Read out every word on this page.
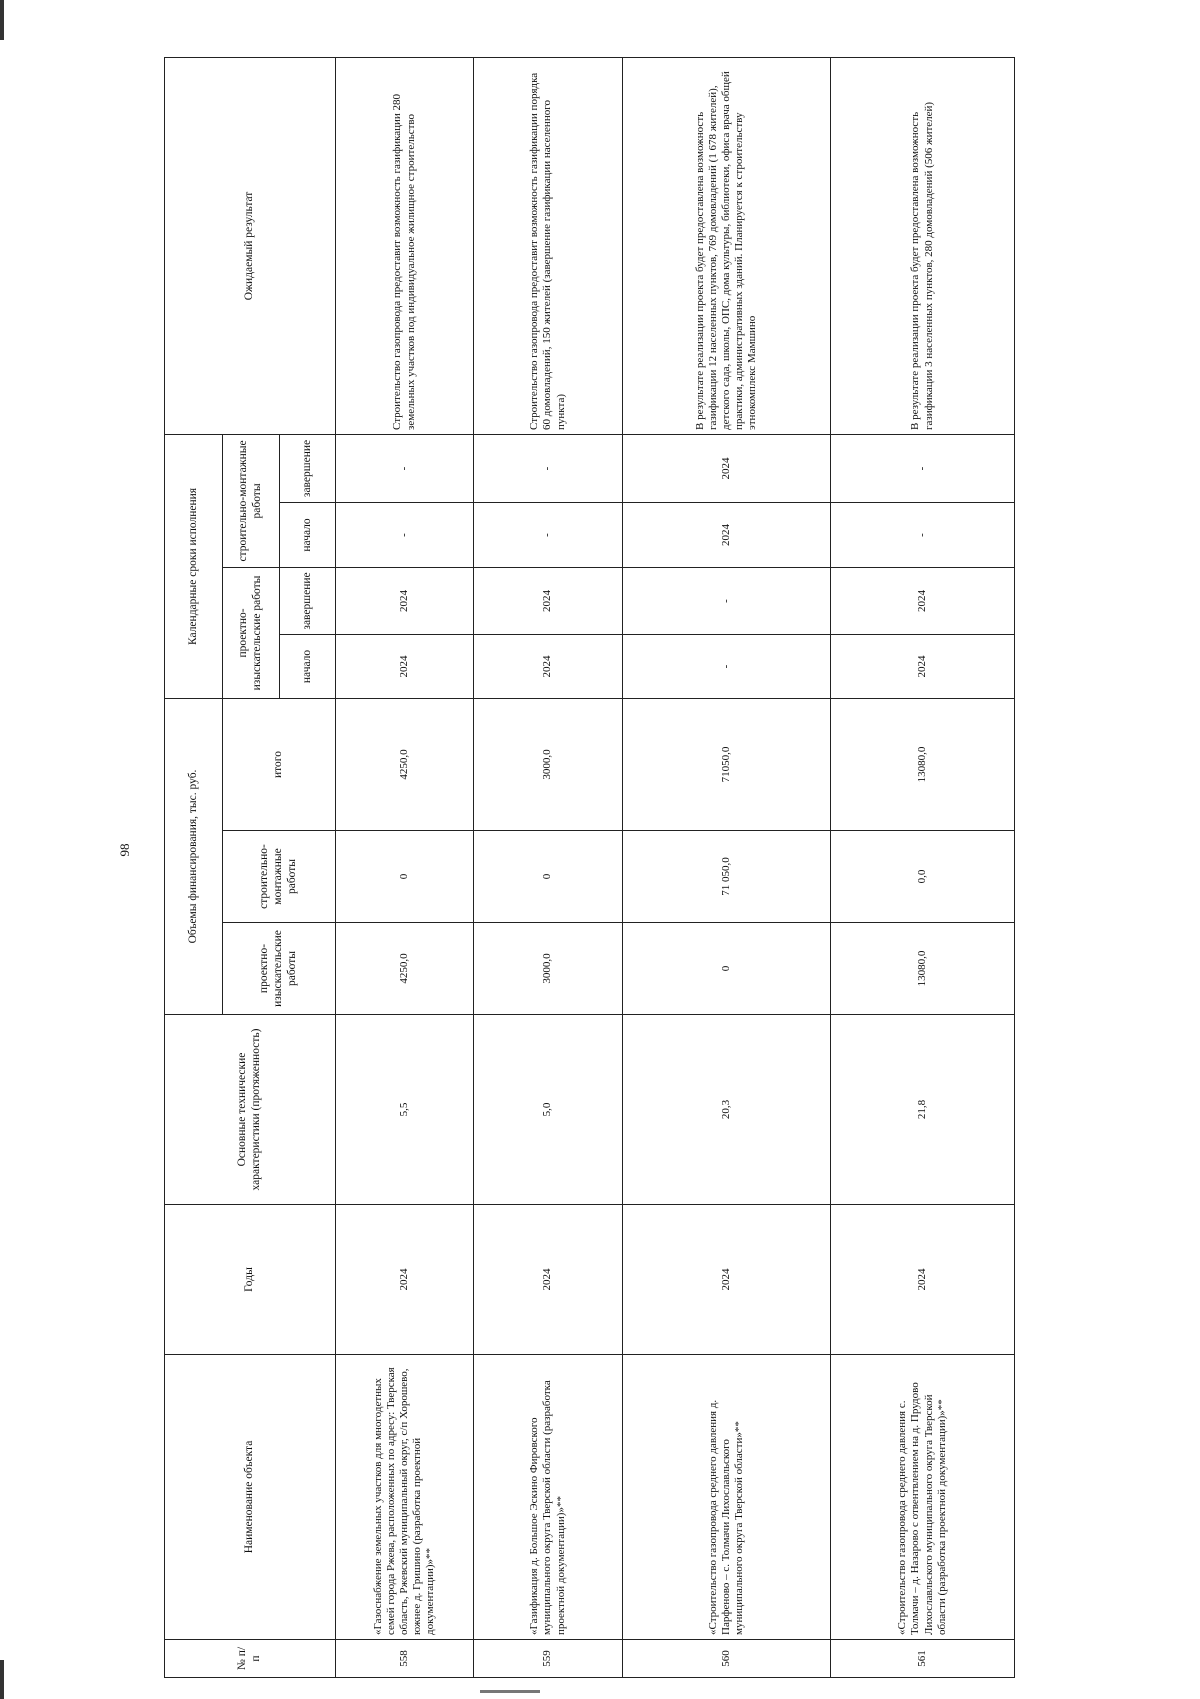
98
№ п/п	Наименование объекта	Годы	Основные технические характеристики (протяженность)	Объемы финансирования, тыс. руб.			Календарные сроки исполнения				Ожидаемый результат
				проектно-изыскательские работы	строительно-монтажные работы	итого	проектно-изыскательские работы		строительно-монтажные работы		
							начало	завершение	начало	завершение	
558	«Газоснабжение земельных участков для многодетных семей города Ржева, расположенных по адресу: Тверская область, Ржевский муниципальный округ, с/п Хорошево, южнее д. Гришино (разработка проектной документации)»**	2024	5,5	4250,0	0	4250,0	2024	2024	-	-	Строительство газопровода предоставит возможность газификации 280 земельных участков под индивидуальное жилищное строительство
559	«Газификация д. Большое Эскино Фировского муниципального округа Тверской области (разработка проектной документации)»**	2024	5,0	3000,0	0	3000,0	2024	2024	-	-	Строительство газопровода предоставит возможность газификации порядка 60 домовладений, 150 жителей (завершение газификации населенного пункта)
560	«Строительство газопровода среднего давления д. Парфеново – с. Толмачи Лихославльского муниципального округа Тверской области»**	2024	20,3	0	71 050,0	71050,0	-	-	2024	2024	В результате реализации проекта будет предоставлена возможность газификации 12 населенных пунктов, 769 домовладений (1 678 жителей), детского сада, школы, ОПС, дома культуры, библиотеки, офиса врача общей практики, административных зданий. Планируется к строительству этнокомплекс Мамшино
561	«Строительство газопровода среднего давления с. Толмачи – д. Назарово с отвентвлением на д. Прудово Лихославльского муниципального округа Тверской области (разработка проектной документации)»**	2024	21,8	13080,0	0,0	13080,0	2024	2024	-	-	В результате реализации проекта будет предоставлена возможность газификации 3 населенных пунктов, 280 домовладений (506 жителей)
